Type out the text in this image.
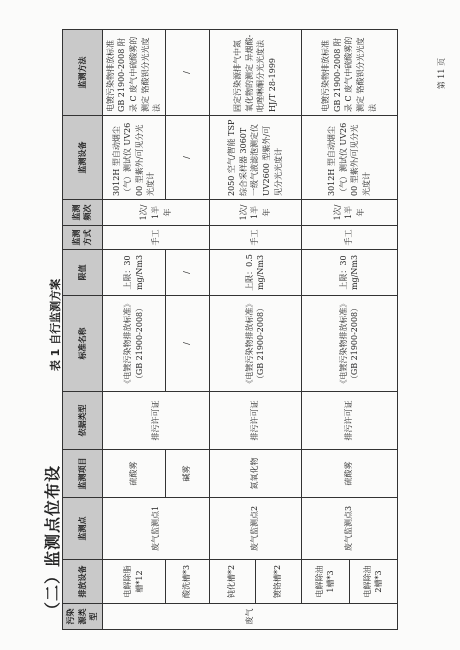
（二）监测点位布设
表 1 自行监测方案
污染源类型	排放设备	监测点	监测项目	依据类型	标准名称	限值	监测方式	监测频次	监测设备	监测方法
废气	电解除脂槽*12	废气监测点1	硫酸雾	排污许可证	《电镀污染物排放标准》（GB 21900-2008）	上限：30mg/Nm3	手工	1次/1半年	3012H 型自动烟尘（气）测试仪 UV2600 型紫外/可见分光光度计	电镀污染物排放标准 GB 21900-2008 附录 C 废气中硫酸雾的测定 铬酸钡分光光度法
	酸洗槽*3		碱雾		/	/			/	/
	钝化槽*2	废气监测点2	氮氧化物	排污许可证	《电镀污染物排放标准》（GB 21900-2008）	上限：0.5mg/Nm3	手工	1次/1半年	2050 空气/智能 TSP 综合采样器 3060T 一级气液滤泡测定仪 UV2600 型紫外/可见分光光度计	固定污染源排气中氮氧化物的测定 异烟酸-吡唑啉酮分光光度法 HJ/T 28-1999
	镀铬槽*2									
	电解除油1槽*3	废气监测点3	硫酸雾	排污许可证	《电镀污染物排放标准》（GB 21900-2008）	上限：30mg/Nm3	手工	1次/1半年	3012H 型自动烟尘（气）测试仪 UV2600 型紫外/可见分光光度计	电镀污染物排放标准 GB 21900-2008 附录 C 废气中硫酸雾的测定 铬酸钡分光光度法
	电解除油2槽*3									
第 11 页
